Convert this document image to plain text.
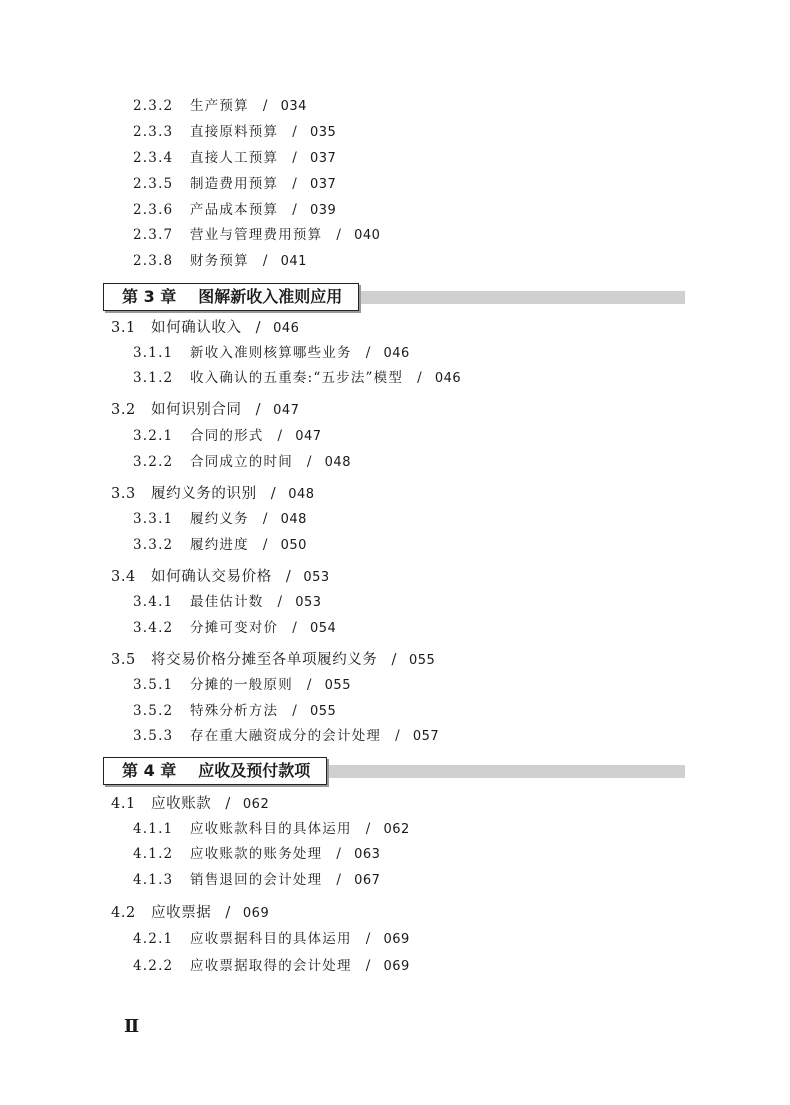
2.3.2 生产预算 / 034
2.3.3 直接原料预算 / 035
2.3.4 直接人工预算 / 037
2.3.5 制造费用预算 / 037
2.3.6 产品成本预算 / 039
2.3.7 营业与管理费用预算 / 040
2.3.8 财务预算 / 041
第 3 章 图解新收入准则应用
3.1 如何确认收入 / 046
3.1.1 新收入准则核算哪些业务 / 046
3.1.2 收入确认的五重奏:“五步法”模型 / 046
3.2 如何识别合同 / 047
3.2.1 合同的形式 / 047
3.2.2 合同成立的时间 / 048
3.3 履约义务的识别 / 048
3.3.1 履约义务 / 048
3.3.2 履约进度 / 050
3.4 如何确认交易价格 / 053
3.4.1 最佳估计数 / 053
3.4.2 分摊可变对价 / 054
3.5 将交易价格分摊至各单项履约义务 / 055
3.5.1 分摊的一般原则 / 055
3.5.2 特殊分析方法 / 055
3.5.3 存在重大融资成分的会计处理 / 057
第 4 章 应收及预付款项
4.1 应收账款 / 062
4.1.1 应收账款科目的具体运用 / 062
4.1.2 应收账款的账务处理 / 063
4.1.3 销售退回的会计处理 / 067
4.2 应收票据 / 069
4.2.1 应收票据科目的具体运用 / 069
4.2.2 应收票据取得的会计处理 / 069
Ⅱ
